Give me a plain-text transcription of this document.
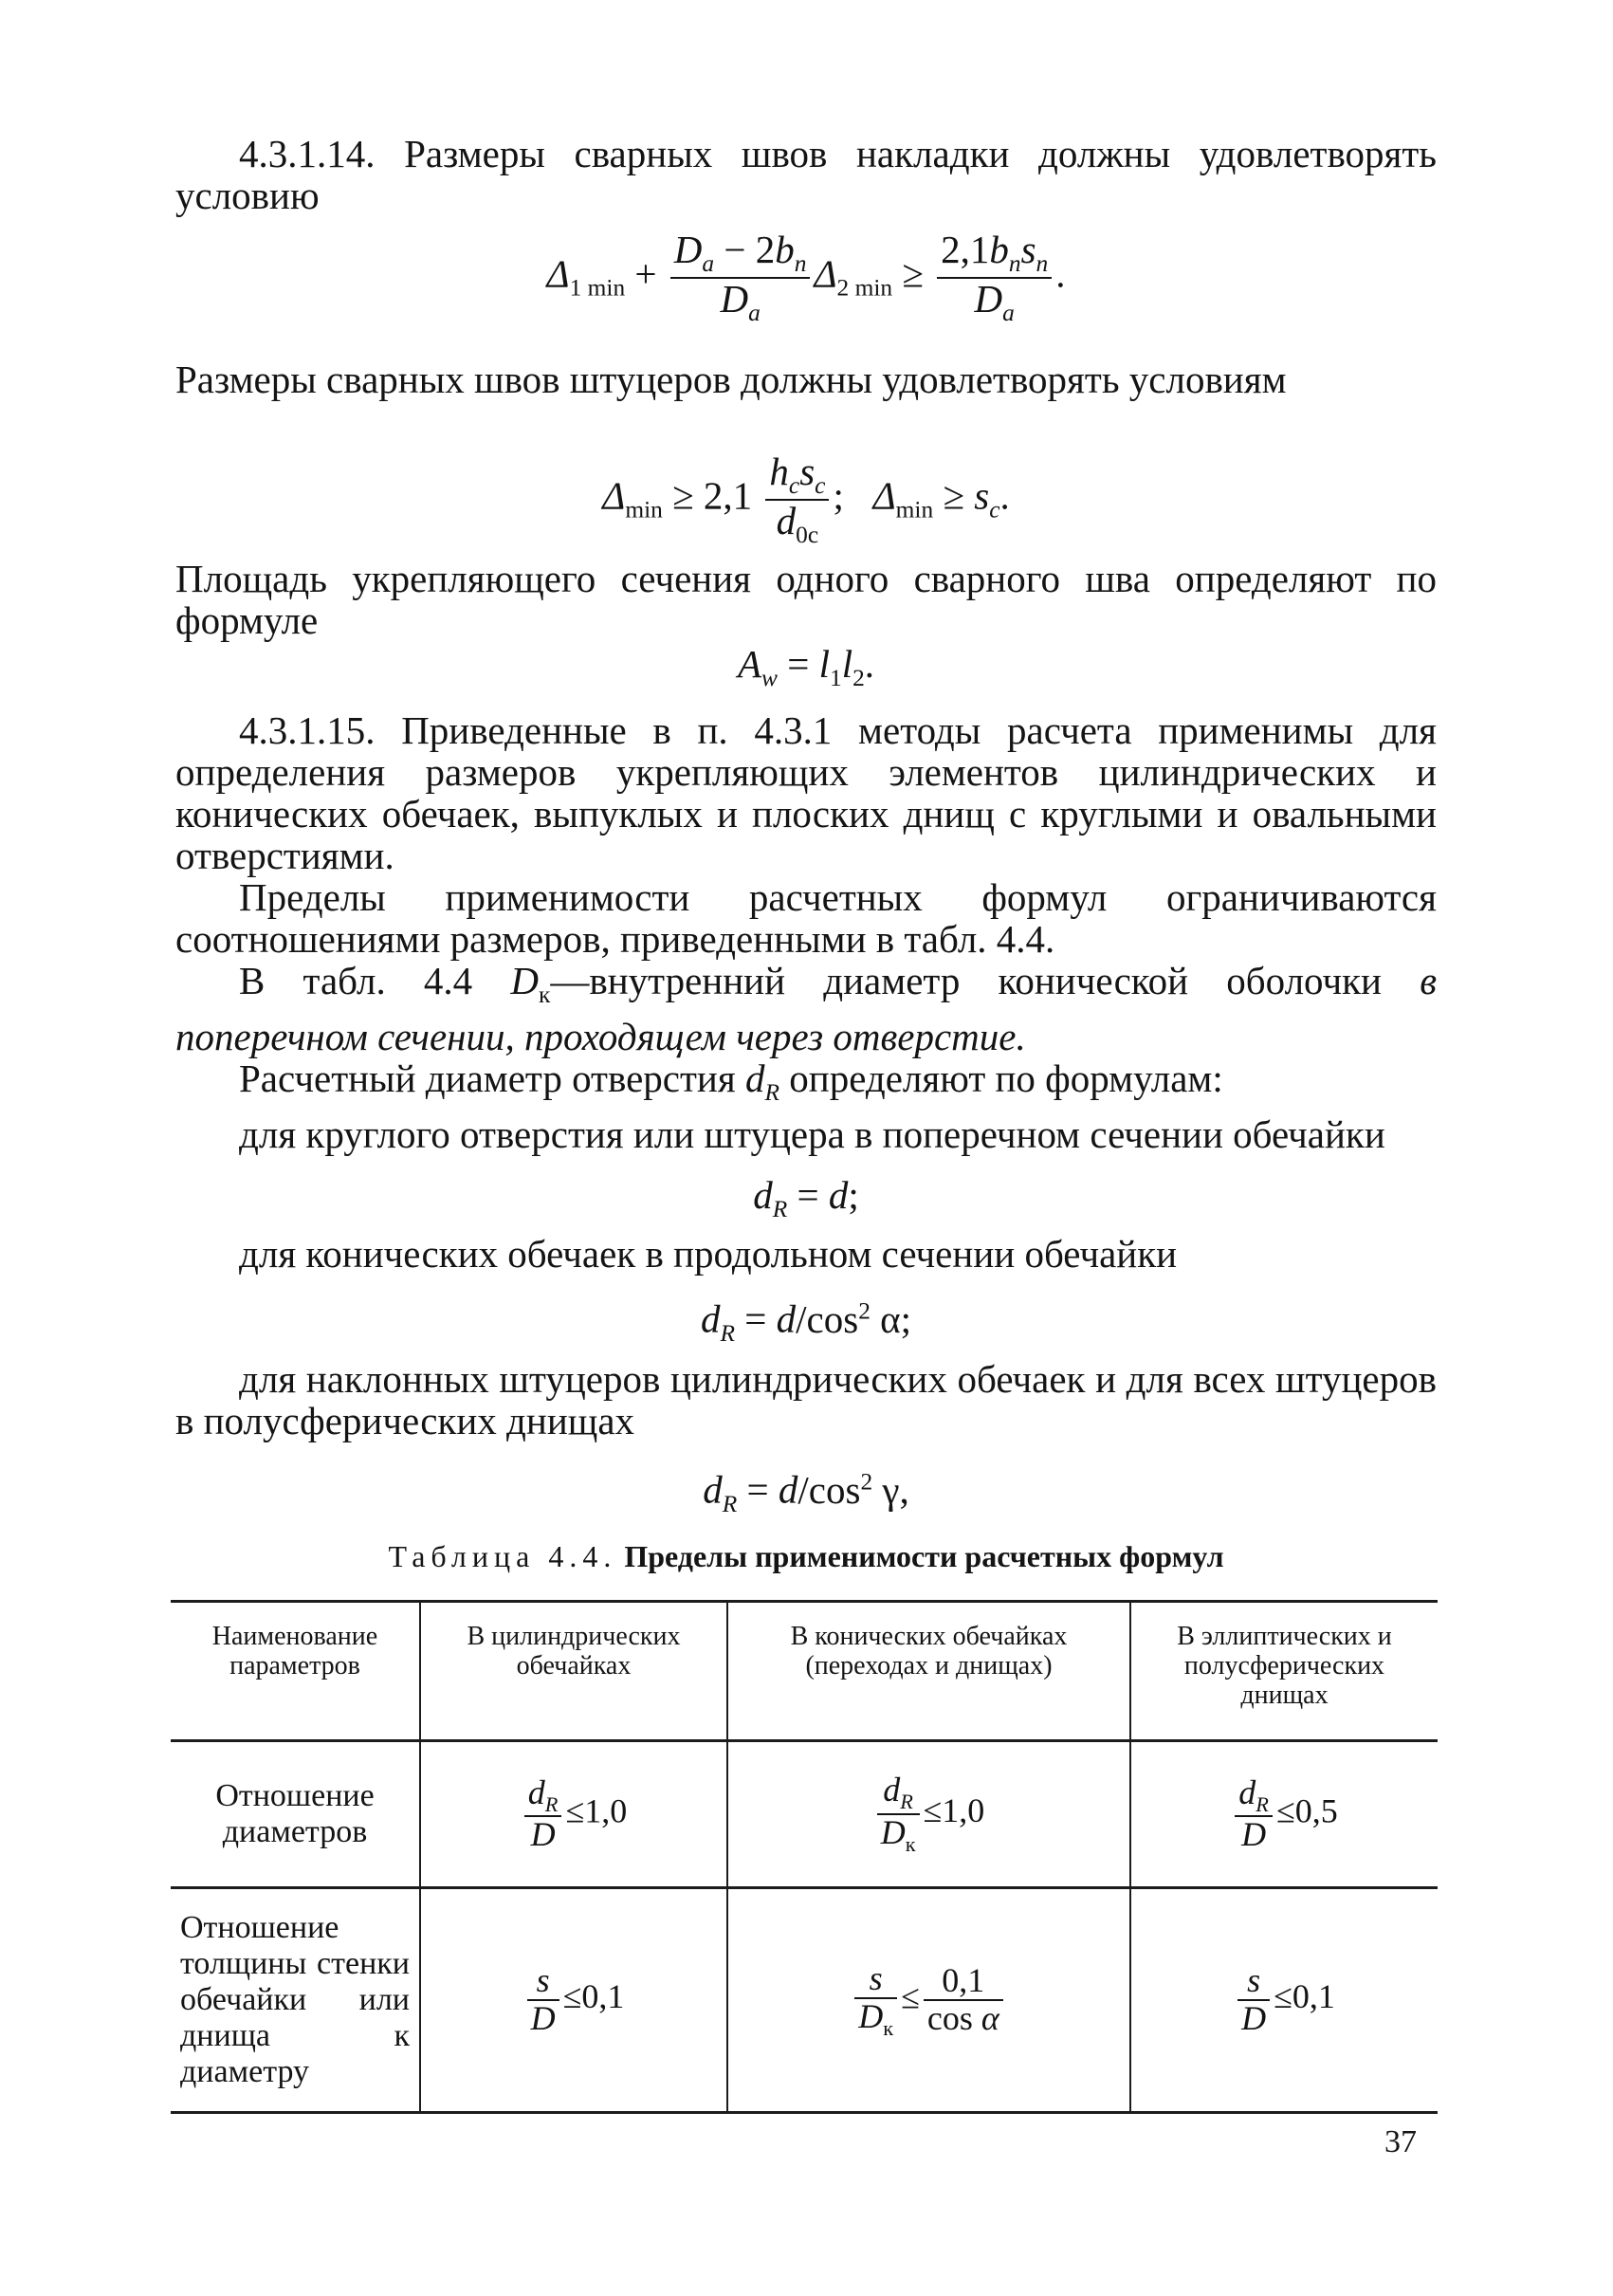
4.3.1.14. Размеры сварных швов накладки должны удовлетворять условию

$\Delta_{1 min} + \frac{D_a - 2b_n}{D_a} \Delta_{2 min} \ge \frac{2,1b_ns_n}{D_a}$ .

Размеры сварных швов штуцеров должны удовлетворять условиям

$\Delta_{min} \ge 2,1 \frac{h_cs_c}{d_{0c}}$ ;   $\Delta_{min} \ge s_c$.

Площадь укрепляющего сечения одного сварного шва определяют по формуле

$A_w = l_1l_2$.

4.3.1.15. Приведенные в п. 4.3.1 методы расчета применимы для определения размеров укрепляющих элементов цилиндрических и конических обечаек, выпуклых и плоских днищ с круглыми и овальными отверстиями.

Пределы применимости расчетных формул ограничиваются соотношениями размеров, приведенными в табл. 4.4.

В табл. 4.4 $D_к—внутренний$ диаметр конической оболочки в поперечном сечении, проходящем через отверстие.

Расчетный диаметр отверстия $d_R$ определяют по формулам:

для круглого отверстия или штуцера в поперечном сечении обечайки

$d_R = d$;

для конических обечаек в продольном сечении обечайки

$d_R = d/\cos^2$ α;

для наклонных штуцеров цилиндрических обечаек и для всех штуцеров в полусферических днищах

$d_R = d/\cos^2$ γ,
Таблица 4.4. Пределы применимости расчетных формул
Наименование параметров	В цилиндрических обечайках	В конических обечайках (переходах и днищах)	В эллиптических и полусферических днищах
Отношение диаметров	$\frac{d_R}{D} \le 1,0$	$\frac{d_R}{D_к} \le 1,0$	$\frac{d_R}{D} \le 0,5$
Отношение толщины стенки обечайки или днища к диаметру	$\frac{s}{D} \le 0,1$	$\frac{s}{D_к} \le \frac{0,1}{\text{cos α}}$	$\frac{s}{D} \le 0,1$
37
